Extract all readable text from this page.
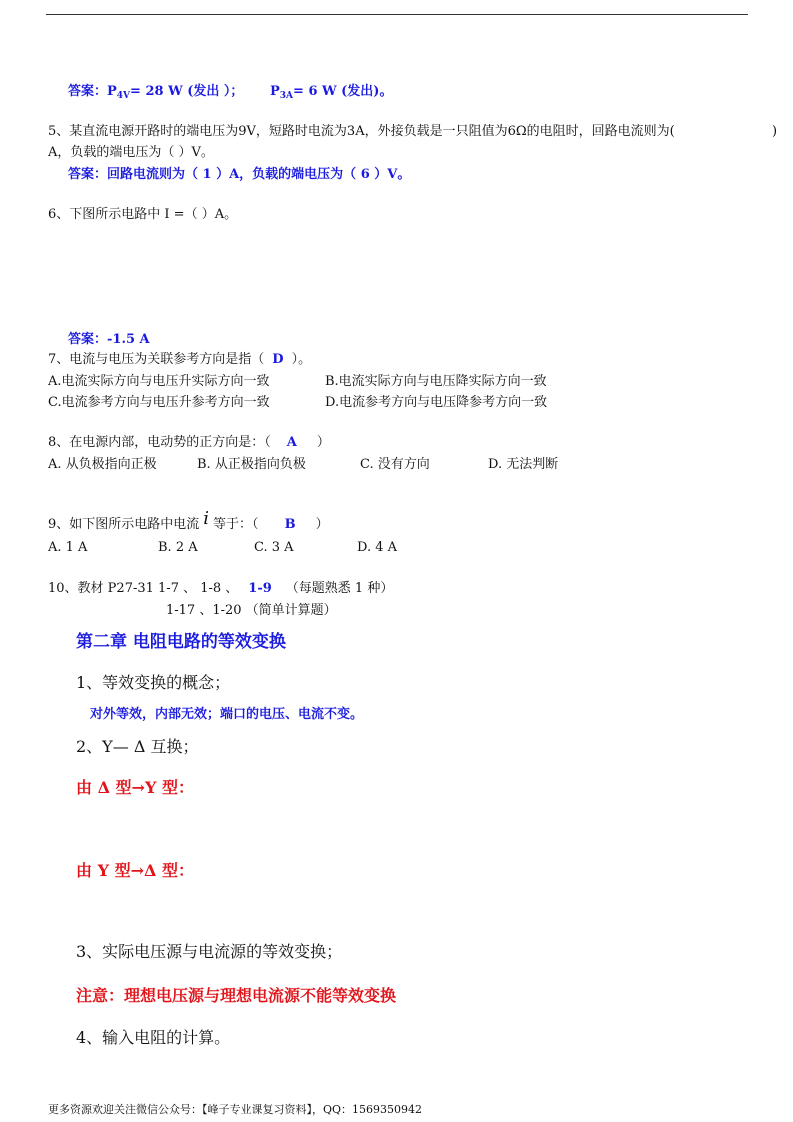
答案：$P_{4V}= 28$ W (发出 ）； $P_{3A}= 6$ W (发出)。
5、某直流电源开路时的端电压为9V，短路时电流为3A，外接负载是一只阻值为6Ω的电阻时，回路电流则为(	)
A，负载的端电压为（ ）V。
答案：回路电流则为（ 1 ）A，负载的端电压为（ 6 ）V。
6、下图所示电路中 I =（ ）A。
答案：-1.5 A
7、电流与电压为关联参考方向是指（ D ）。
A.电流实际方向与电压升实际方向一致	B.电流实际方向与电压降实际方向一致
C.电流参考方向与电压升参考方向一致	D.电流参考方向与电压降参考方向一致
8、在电源内部，电动势的正方向是：（ A ）
A. 从负极指向正极	B. 从正极指向负极	C. 没有方向	D. 无法判断
9、如下图所示电路中电流 i 等于：（ B ）
A. 1 A	B. 2 A	C. 3 A	D. 4 A
10、教材 P27-31 1-7 、 1-8 、 1-9 （每题熟悉 1 种）
1-17 、1-20 （简单计算题）
第二章 电阻电路的等效变换
1、等效变换的概念；
对外等效，内部无效；端口的电压、电流不变。
2、Y— Δ 互换；
由 Δ 型→Y 型：
由 Y 型→Δ 型：
3、实际电压源与电流源的等效变换；
注意：理想电压源与理想电流源不能等效变换
4、输入电阻的计算。
更多资源欢迎关注微信公众号：【峰子专业课复习资料】，QQ：1569350942
